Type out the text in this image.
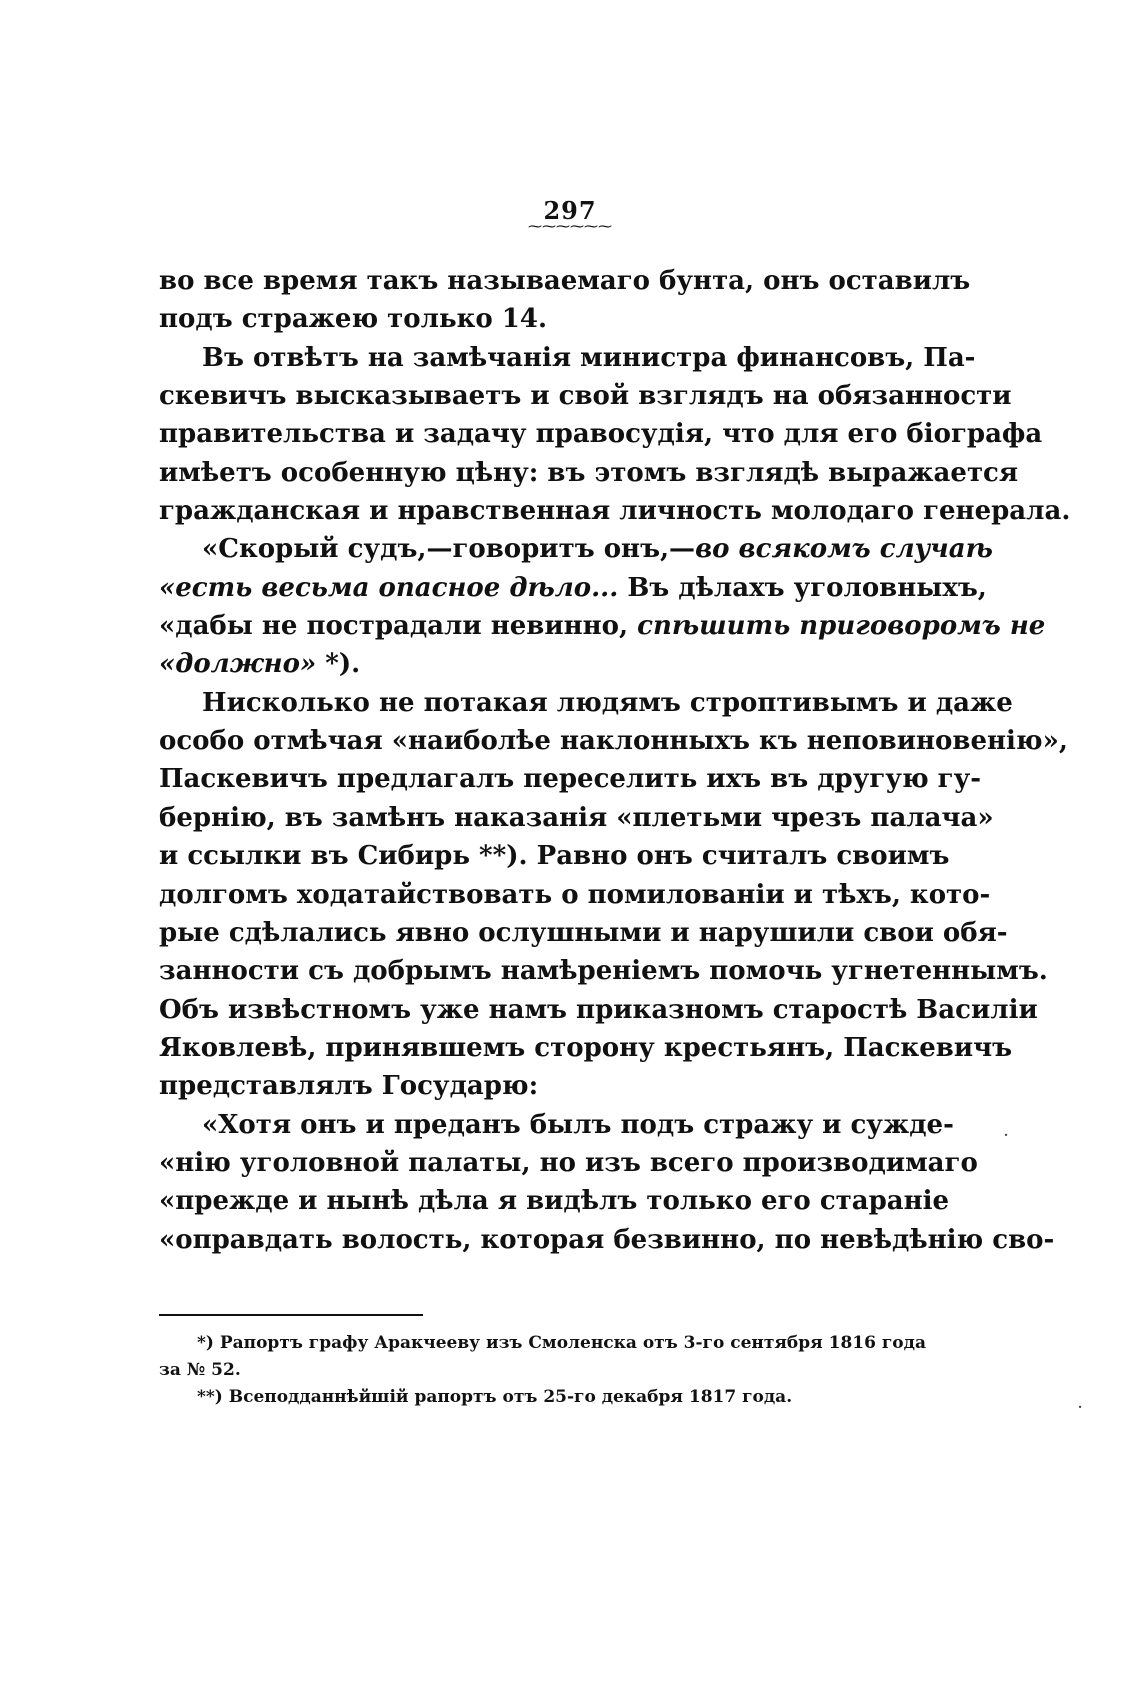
297
⁓⁓⁓⁓⁓⁓
во все время такъ называемаго бунта, онъ оставилъ
подъ стражею только 14.
Въ отвѣтъ на замѣчанія министра финансовъ, Па-
скевичъ высказываетъ и свой взглядъ на обязанности
правительства и задачу правосудія, что для его біографа
имѣетъ особенную цѣну: въ этомъ взглядѣ выражается
гражданская и нравственная личность молодаго генерала.
«Скорый судъ,—говоритъ онъ,—во всякомъ случаѣ
«есть весьма опасное дѣло... Въ дѣлахъ уголовныхъ,
«дабы не пострадали невинно, спѣшить приговоромъ не
«должно» *).
Нисколько не потакая людямъ строптивымъ и даже
особо отмѣчая «наиболѣе наклонныхъ къ неповиновенію»,
Паскевичъ предлагалъ переселить ихъ въ другую гу-
бернію, въ замѣнъ наказанія «плетьми чрезъ палача»
и ссылки въ Сибирь **). Равно онъ считалъ своимъ
долгомъ ходатайствовать о помилованіи и тѣхъ, кото-
рые сдѣлались явно ослушными и нарушили свои обя-
занности съ добрымъ намѣреніемъ помочь угнетеннымъ.
Объ извѣстномъ уже намъ приказномъ старостѣ Василіи
Яковлевѣ, принявшемъ сторону крестьянъ, Паскевичъ
представлялъ Государю:
«Хотя онъ и преданъ былъ подъ стражу и сужде-
«нію уголовной палаты, но изъ всего производимаго
«прежде и нынѣ дѣла я видѣлъ только его стараніе
«оправдать волость, которая безвинно, по невѣдѣнію сво-
*) Рапортъ графу Аракчееву изъ Смоленска отъ 3-го сентября 1816 года
за № 52.
**) Всеподданнѣйшій рапортъ отъ 25-го декабря 1817 года.
·
·
